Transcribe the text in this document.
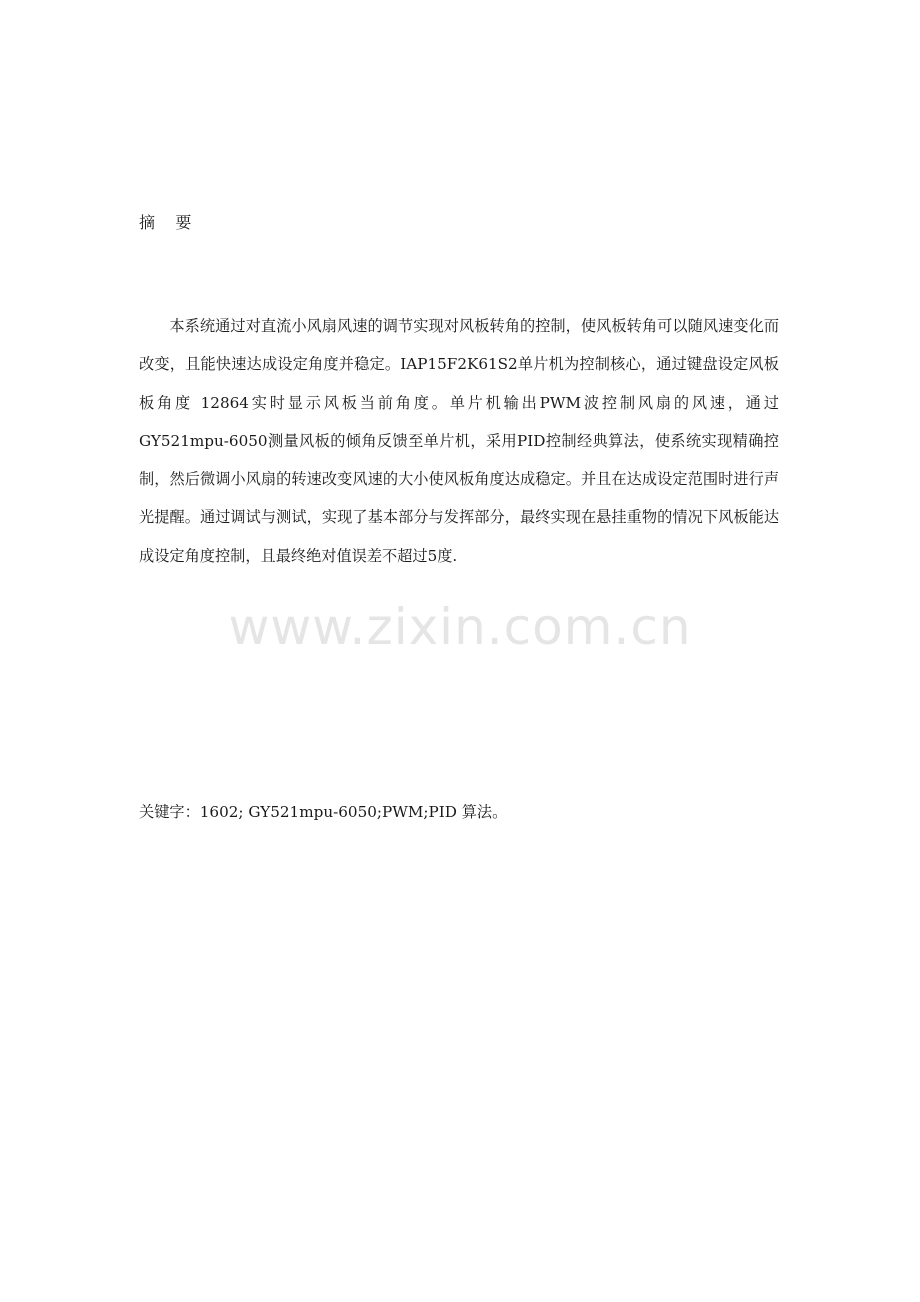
摘    要

本系统通过对直流小风扇风速的调节实现对风板转角的控制，使风板转角可以随风速变化而改变，且能快速达成设定角度并稳定。IAP15F2K61S2单片机为控制核心，通过键盘设定风板板角度 12864实时显示风板当前角度。单片机输出PWM波控制风扇的风速，通过GY521mpu-6050测量风板的倾角反馈至单片机，采用PID控制经典算法，使系统实现精确控制，然后微调小风扇的转速改变风速的大小使风板角度达成稳定。并且在达成设定范围时进行声光提醒。通过调试与测试，实现了基本部分与发挥部分，最终实现在悬挂重物的情况下风板能达成设定角度控制，且最终绝对值误差不超过5度.

www.zixin.com.cn
关键字：1602; GY521mpu-6050;PWM;PID 算法。
